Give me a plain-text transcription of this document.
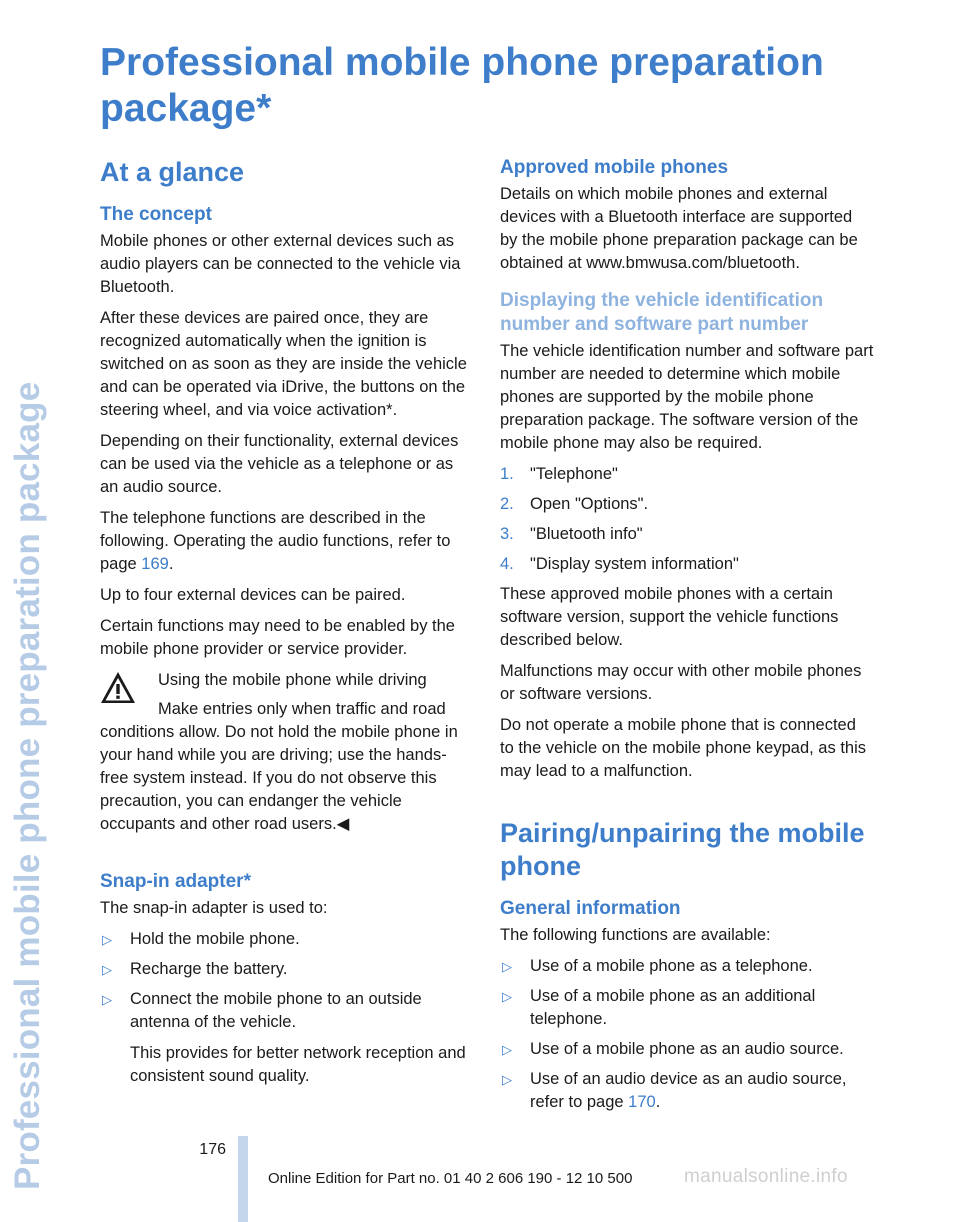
Professional mobile phone preparation package
Professional mobile phone preparation package*
At a glance
The concept

Mobile phones or other external devices such as audio players can be connected to the vehicle via Bluetooth.

After these devices are paired once, they are recognized automatically when the ignition is switched on as soon as they are inside the vehicle and can be operated via iDrive, the buttons on the steering wheel, and via voice activation*.

Depending on their functionality, external devices can be used via the vehicle as a telephone or as an audio source.

The telephone functions are described in the following. Operating the audio functions, refer to page 169.

Up to four external devices can be paired.

Certain functions may need to be enabled by the mobile phone provider or service provider.

Using the mobile phone while driving

Make entries only when traffic and road conditions allow. Do not hold the mobile phone in your hand while you are driving; use the hands-free system instead. If you do not observe this precaution, you can endanger the vehicle occupants and other road users.◀

Snap-in adapter*

The snap-in adapter is used to:

▷ Hold the mobile phone.
▷ Recharge the battery.
▷ Connect the mobile phone to an outside antenna of the vehicle.
This provides for better network reception and consistent sound quality.
Approved mobile phones

Details on which mobile phones and external devices with a Bluetooth interface are supported by the mobile phone preparation package can be obtained at www.bmwusa.com/bluetooth.

Displaying the vehicle identification number and software part number

The vehicle identification number and software part number are needed to determine which mobile phones are supported by the mobile phone preparation package. The software version of the mobile phone may also be required.

1. "Telephone"
2. Open "Options".
3. "Bluetooth info"
4. "Display system information"

These approved mobile phones with a certain software version, support the vehicle functions described below.

Malfunctions may occur with other mobile phones or software versions.

Do not operate a mobile phone that is connected to the vehicle on the mobile phone keypad, as this may lead to a malfunction.

Pairing/unpairing the mobile phone
General information

The following functions are available:

▷ Use of a mobile phone as a telephone.
▷ Use of a mobile phone as an additional telephone.
▷ Use of a mobile phone as an audio source.
▷ Use of an audio device as an audio source, refer to page 170.
176
Online Edition for Part no. 01 40 2 606 190 - 12 10 500	manualsonline.info
